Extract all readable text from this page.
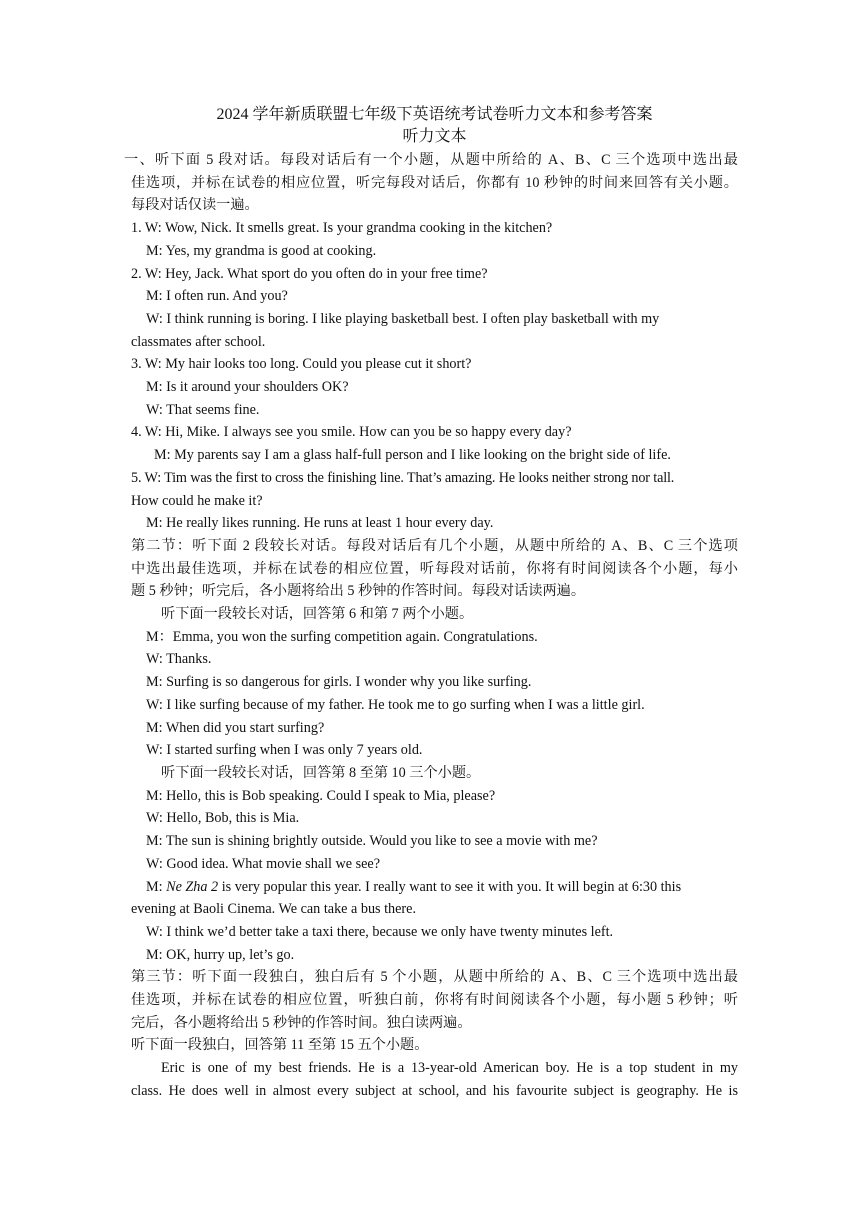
2024 学年新质联盟七年级下英语统考试卷听力文本和参考答案

听力文本

一、听下面 5 段对话。每段对话后有一个小题，从题中所给的 A、B、C 三个选项中选出最

佳选项，并标在试卷的相应位置，听完每段对话后，你都有 10 秒钟的时间来回答有关小题。

每段对话仅读一遍。

1. W: Wow, Nick. It smells great. Is your grandma cooking in the kitchen?

M: Yes, my grandma is good at cooking.

2. W: Hey, Jack. What sport do you often do in your free time?

M: I often run. And you?

W: I think running is boring. I like playing basketball best. I often play basketball with my

classmates after school.

3. W: My hair looks too long. Could you please cut it short?

M: Is it around your shoulders OK?

W: That seems fine.

4. W: Hi, Mike. I always see you smile. How can you be so happy every day?

M: My parents say I am a glass half-full person and I like looking on the bright side of life.

5. W: Tim was the first to cross the finishing line. That’s amazing. He looks neither strong nor tall.

How could he make it?

M: He really likes running. He runs at least 1 hour every day.

第二节：听下面 2 段较长对话。每段对话后有几个小题，从题中所给的 A、B、C 三个选项

中选出最佳选项，并标在试卷的相应位置，听每段对话前，你将有时间阅读各个小题，每小

题 5 秒钟；听完后，各小题将给出 5 秒钟的作答时间。每段对话读两遍。

听下面一段较长对话，回答第 6 和第 7 两个小题。

M：Emma, you won the surfing competition again. Congratulations.

W: Thanks.

M: Surfing is so dangerous for girls. I wonder why you like surfing.

W: I like surfing because of my father. He took me to go surfing when I was a little girl.

M: When did you start surfing?

W: I started surfing when I was only 7 years old.

听下面一段较长对话，回答第 8 至第 10 三个小题。

M: Hello, this is Bob speaking. Could I speak to Mia, please?

W: Hello, Bob, this is Mia.

M: The sun is shining brightly outside. Would you like to see a movie with me?

W: Good idea. What movie shall we see?

M: Ne Zha 2 is very popular this year. I really want to see it with you. It will begin at 6:30 this

evening at Baoli Cinema. We can take a bus there.

W: I think we’d better take a taxi there, because we only have twenty minutes left.

M: OK, hurry up, let’s go.

第三节：听下面一段独白，独白后有 5 个小题，从题中所给的 A、B、C 三个选项中选出最

佳选项，并标在试卷的相应位置，听独白前，你将有时间阅读各个小题，每小题 5 秒钟；听

完后，各小题将给出 5 秒钟的作答时间。独白读两遍。

听下面一段独白，回答第 11 至第 15 五个小题。

Eric is one of my best friends. He is a 13-year-old American boy. He is a top student in my

class. He does well in almost every subject at school, and his favourite subject is geography. He is
